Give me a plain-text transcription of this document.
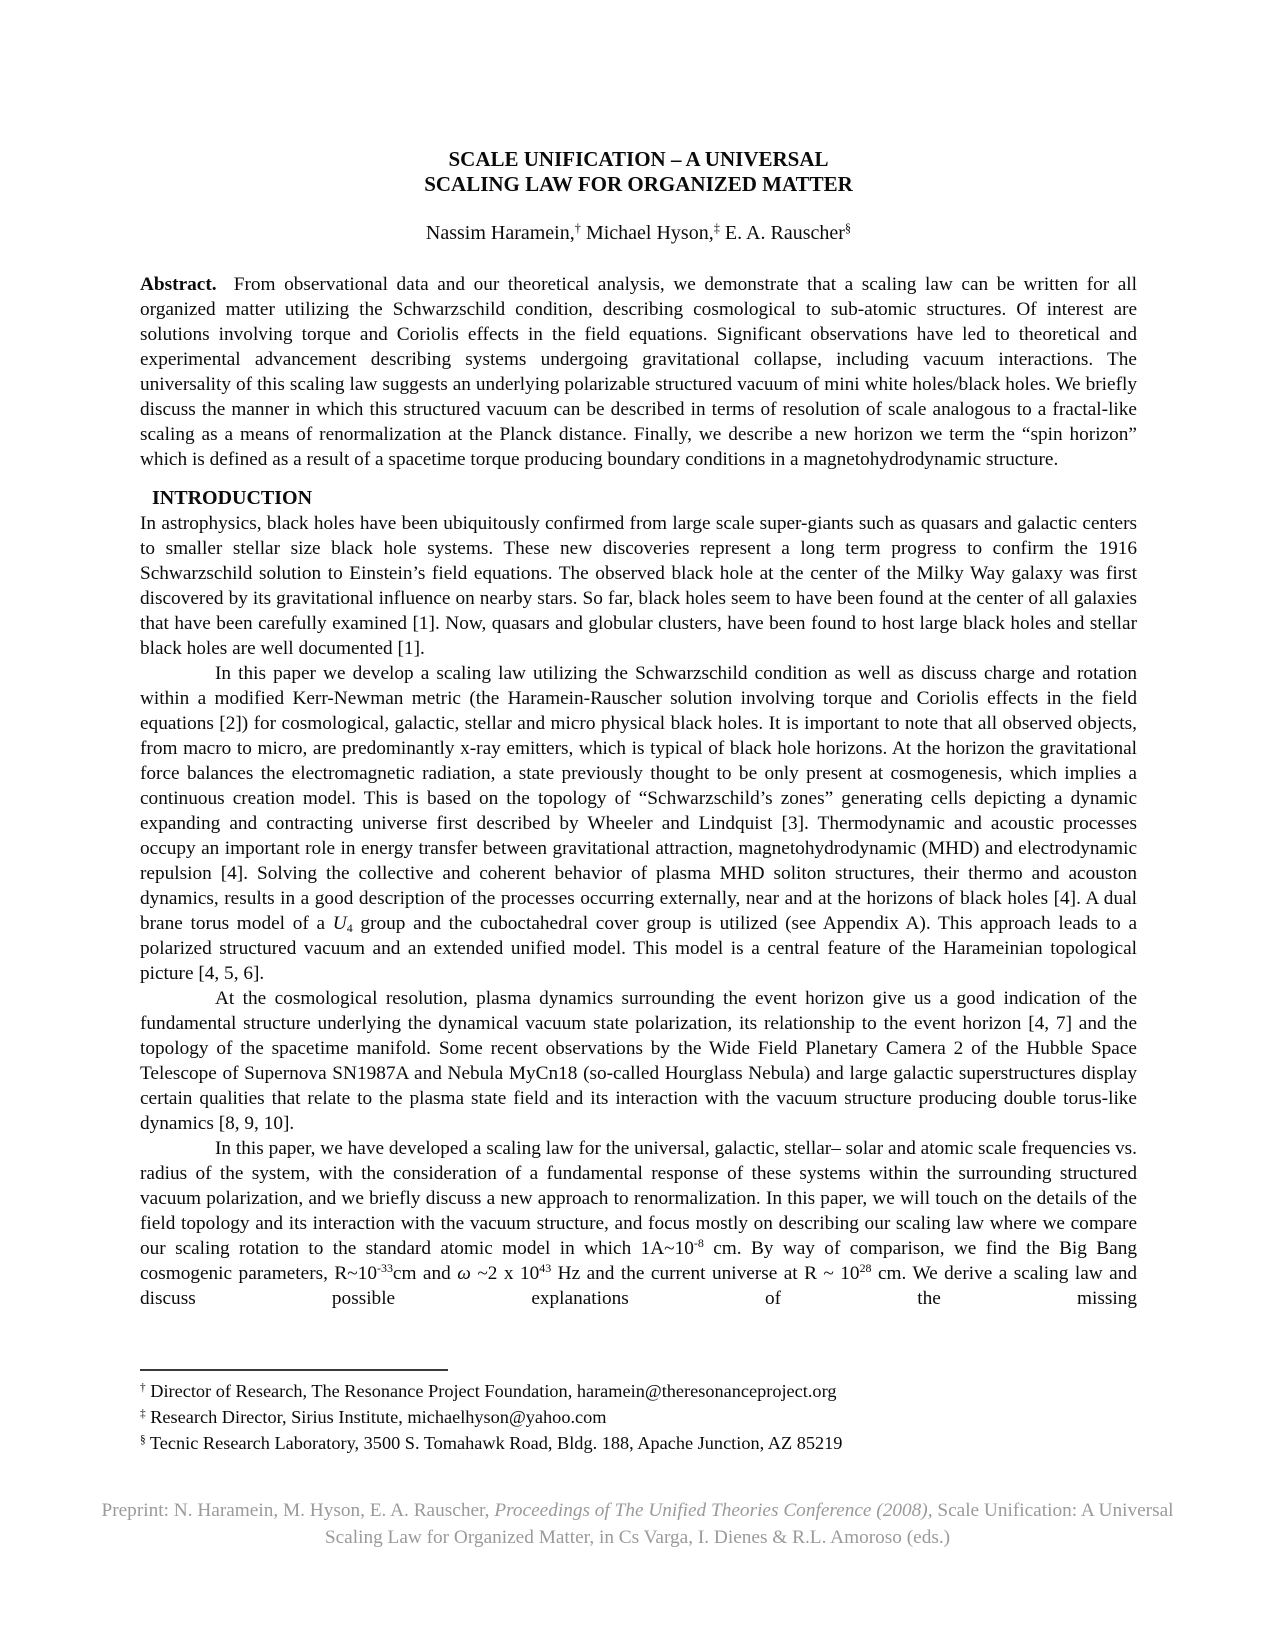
SCALE UNIFICATION – A UNIVERSAL
SCALING LAW FOR ORGANIZED MATTER

Nassim Haramein,† Michael Hyson,‡ E. A. Rauscher§

Abstract.  From observational data and our theoretical analysis, we demonstrate that a scaling law can be written for all organized matter utilizing the Schwarzschild condition, describing cosmological to sub-atomic structures. Of interest are solutions involving torque and Coriolis effects in the field equations. Significant observations have led to theoretical and experimental advancement describing systems undergoing gravitational collapse, including vacuum interactions. The universality of this scaling law suggests an underlying polarizable structured vacuum of mini white holes/black holes. We briefly discuss the manner in which this structured vacuum can be described in terms of resolution of scale analogous to a fractal-like scaling as a means of renormalization at the Planck distance. Finally, we describe a new horizon we term the “spin horizon” which is defined as a result of a spacetime torque producing boundary conditions in a magnetohydrodynamic structure.

INTRODUCTION

In astrophysics, black holes have been ubiquitously confirmed from large scale super-giants such as quasars and galactic centers to smaller stellar size black hole systems. These new discoveries represent a long term progress to confirm the 1916 Schwarzschild solution to Einstein’s field equations. The observed black hole at the center of the Milky Way galaxy was first discovered by its gravitational influence on nearby stars. So far, black holes seem to have been found at the center of all galaxies that have been carefully examined [1]. Now, quasars and globular clusters, have been found to host large black holes and stellar black holes are well documented [1].

In this paper we develop a scaling law utilizing the Schwarzschild condition as well as discuss charge and rotation within a modified Kerr-Newman metric (the Haramein-Rauscher solution involving torque and Coriolis effects in the field equations [2]) for cosmological, galactic, stellar and micro physical black holes. It is important to note that all observed objects, from macro to micro, are predominantly x-ray emitters, which is typical of black hole horizons. At the horizon the gravitational force balances the electromagnetic radiation, a state previously thought to be only present at cosmogenesis, which implies a continuous creation model. This is based on the topology of “Schwarzschild’s zones” generating cells depicting a dynamic expanding and contracting universe first described by Wheeler and Lindquist [3]. Thermodynamic and acoustic processes occupy an important role in energy transfer between gravitational attraction, magnetohydrodynamic (MHD) and electrodynamic repulsion [4]. Solving the collective and coherent behavior of plasma MHD soliton structures, their thermo and acouston dynamics, results in a good description of the processes occurring externally, near and at the horizons of black holes [4]. A dual brane torus model of a U4 group and the cuboctahedral cover group is utilized (see Appendix A). This approach leads to a polarized structured vacuum and an extended unified model. This model is a central feature of the Harameinian topological picture [4, 5, 6].

At the cosmological resolution, plasma dynamics surrounding the event horizon give us a good indication of the fundamental structure underlying the dynamical vacuum state polarization, its relationship to the event horizon [4, 7] and the topology of the spacetime manifold. Some recent observations by the Wide Field Planetary Camera 2 of the Hubble Space Telescope of Supernova SN1987A and Nebula MyCn18 (so-called Hourglass Nebula) and large galactic superstructures display certain qualities that relate to the plasma state field and its interaction with the vacuum structure producing double torus-like dynamics [8, 9, 10].

In this paper, we have developed a scaling law for the universal, galactic, stellar– solar and atomic scale frequencies vs. radius of the system, with the consideration of a fundamental response of these systems within the surrounding structured vacuum polarization, and we briefly discuss a new approach to renormalization. In this paper, we will touch on the details of the field topology and its interaction with the vacuum structure, and focus mostly on describing our scaling law where we compare our scaling rotation to the standard atomic model in which $1A\sim 10^{-8}$ cm. By way of comparison, we find the Big Bang cosmogenic parameters, $R\sim 10^{-33}cm$ and ω ~2 x $10^{43}$ Hz and the current universe at R ~ $10^{28}$ cm. We derive a scaling law and discuss possible explanations of the missing

† Director of Research, The Resonance Project Foundation, haramein@theresonanceproject.org

‡ Research Director, Sirius Institute, michaelhyson@yahoo.com

§ Tecnic Research Laboratory, 3500 S. Tomahawk Road, Bldg. 188, Apache Junction, AZ 85219

Preprint: N. Haramein, M. Hyson, E. A. Rauscher, Proceedings of The Unified Theories Conference (2008), Scale Unification: A Universal Scaling Law for Organized Matter, in Cs Varga, I. Dienes & R.L. Amoroso (eds.)
